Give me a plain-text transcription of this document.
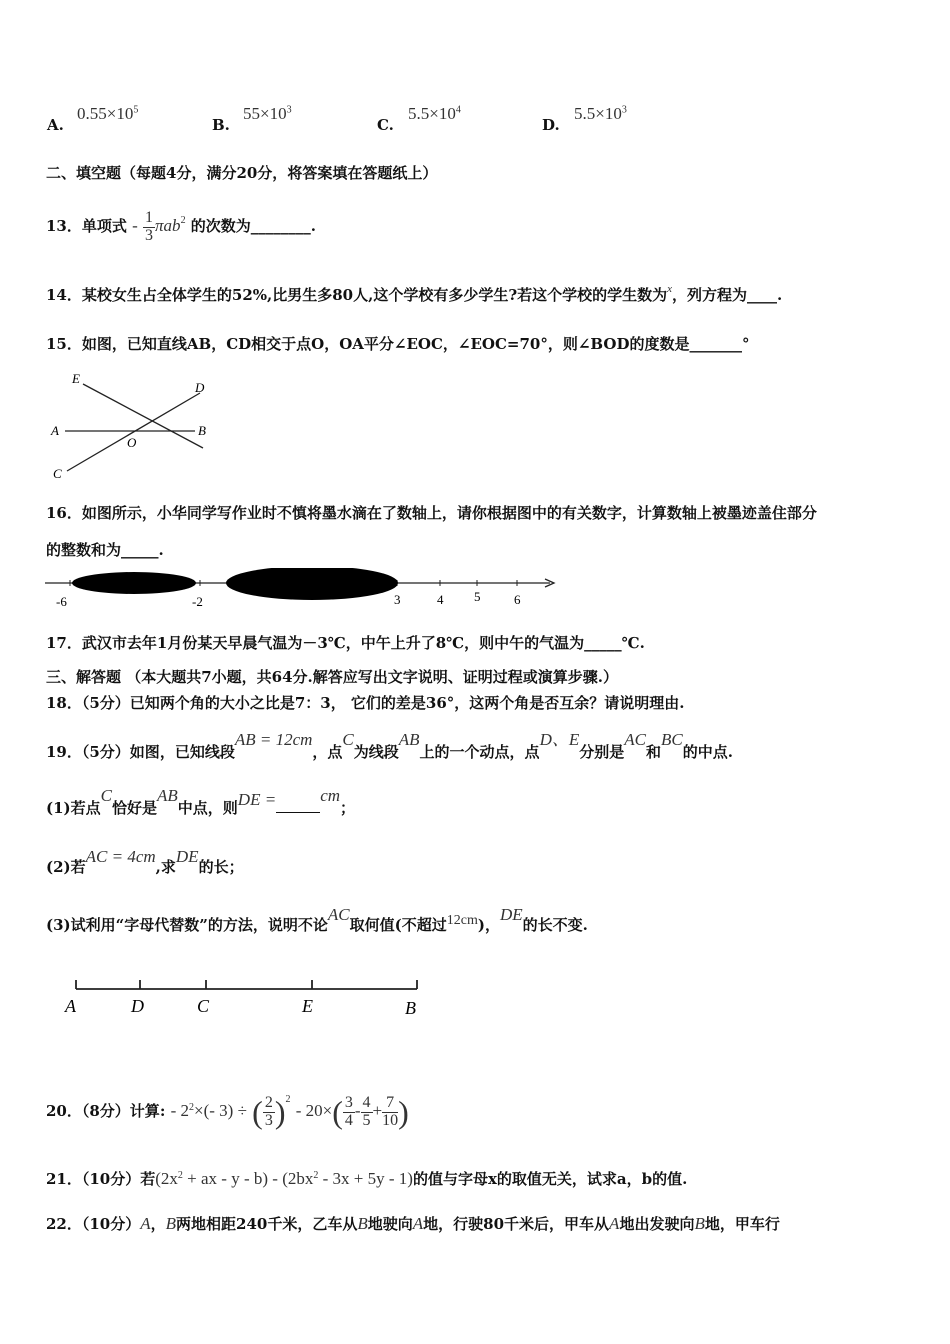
A.
$0.55\times 10^5$
B.
$55\times 10^3$
C.
$5.5\times 10^4$
D.
$5.5\times 10^3$
二、填空题（每题4分，满分20分，将答案填在答题纸上）
13．单项式 - $\frac{1}{3} \pi ab^2$ 的次数为________.
14．某校女生占全体学生的52%,比男生多80人,这个学校有多少学生?若这个学校的学生数为$^x$，列方程为____.
15．如图，已知直线AB，CD相交于点O，OA平分∠EOC，∠EOC=70°，则∠BOD的度数是_______°
E
D
A
O
B
C
16．如图所示，小华同学写作业时不慎将墨水滴在了数轴上，请你根据图中的有关数字，计算数轴上被墨迹盖住部分
的整数和为_____.
-6	-2	3	4 5	6
17．武汉市去年1月份某天早晨气温为－3℃，中午上升了8℃，则中午的气温为_____℃.
三、解答题 （本大题共7小题，共64分.解答应写出文字说明、证明过程或演算步骤.）
18．（5分）已知两个角的大小之比是7：3， 它们的差是36°，这两个角是否互余？请说明理由.
19．（5分）如图，已知线段AB = 12cm，点C为线段AB上的一个动点，点D、E分别是AC和BC的中点.
(1)若点C恰好是AB中点，则DE =	cm；
(2)若AC = 4cm,求DE的长；
(3)试利用“字母代替数”的方法，说明不论AC取何值(不超过12cm)，DE的长不变.
A	D	C	E	B
20．（8分）计算: - $2^2\times(-$ 3) ÷ ( $\frac{2}{3} )^2 - 20\times( \frac{3}{4} - \frac{4}{5} + \frac{7}{10}$ )
21．（10分）若($2x^2$ + ax - $y - b) - (2bx^2 - 3x + 5y - 1)$的值与字母x的取值无关，试求a，b的值.
22．（10分）A，B两地相距240千米，乙车从B地驶向A地，行驶80千米后，甲车从A地出发驶向B地，甲车行
